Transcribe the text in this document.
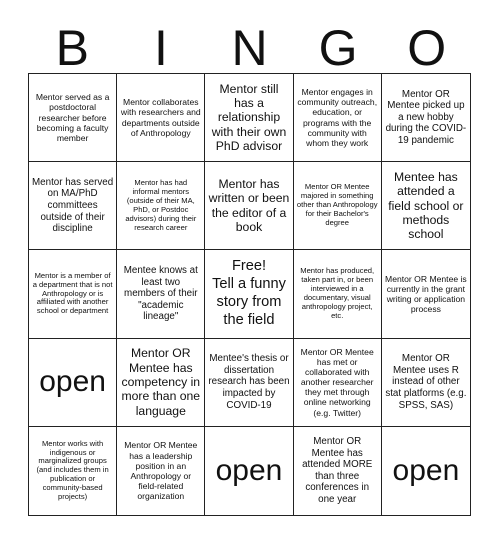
B	I	N	G O
Mentor served as a postdoctoral researcher before becoming a faculty member
Mentor collaborates with researchers and departments outside of Anthropology
Mentor still has a relationship with their own PhD advisor
Mentor engages in community outreach, education, or programs with the community with whom they work
Mentor OR Mentee picked up a new hobby during the COVID-19 pandemic
Mentor has served on MA/PhD committees outside of their discipline
Mentor has had informal mentors (outside of their MA, PhD, or Postdoc advisors) during their research career
Mentor has written or been the editor of a book
Mentor OR Mentee majored in something other than Anthropology for their Bachelor's degree
Mentee has attended a field school or methods school
Mentor is a member of a department that is not Anthropology or is affiliated with another school or department
Mentee knows at least two members of their "academic lineage"
Free!
Tell a funny story from the field
Mentor has produced, taken part in, or been interviewed in a documentary, visual anthropology project, etc.
Mentor OR Mentee is currently in the grant writing or application process
open
Mentor OR Mentee has competency in more than one language
Mentee's thesis or dissertation research has been impacted by COVID-19
Mentor OR Mentee has met or collaborated with another researcher they met through online networking (e.g. Twitter)
Mentor OR Mentee uses R instead of other stat platforms (e.g. SPSS, SAS)
Mentor works with indigenous or marginalized groups (and includes them in publication or community-based projects)
Mentor OR Mentee has a leadership position in an Anthropology or field-related organization
open
Mentor OR Mentee has attended MORE than three conferences in one year
open
